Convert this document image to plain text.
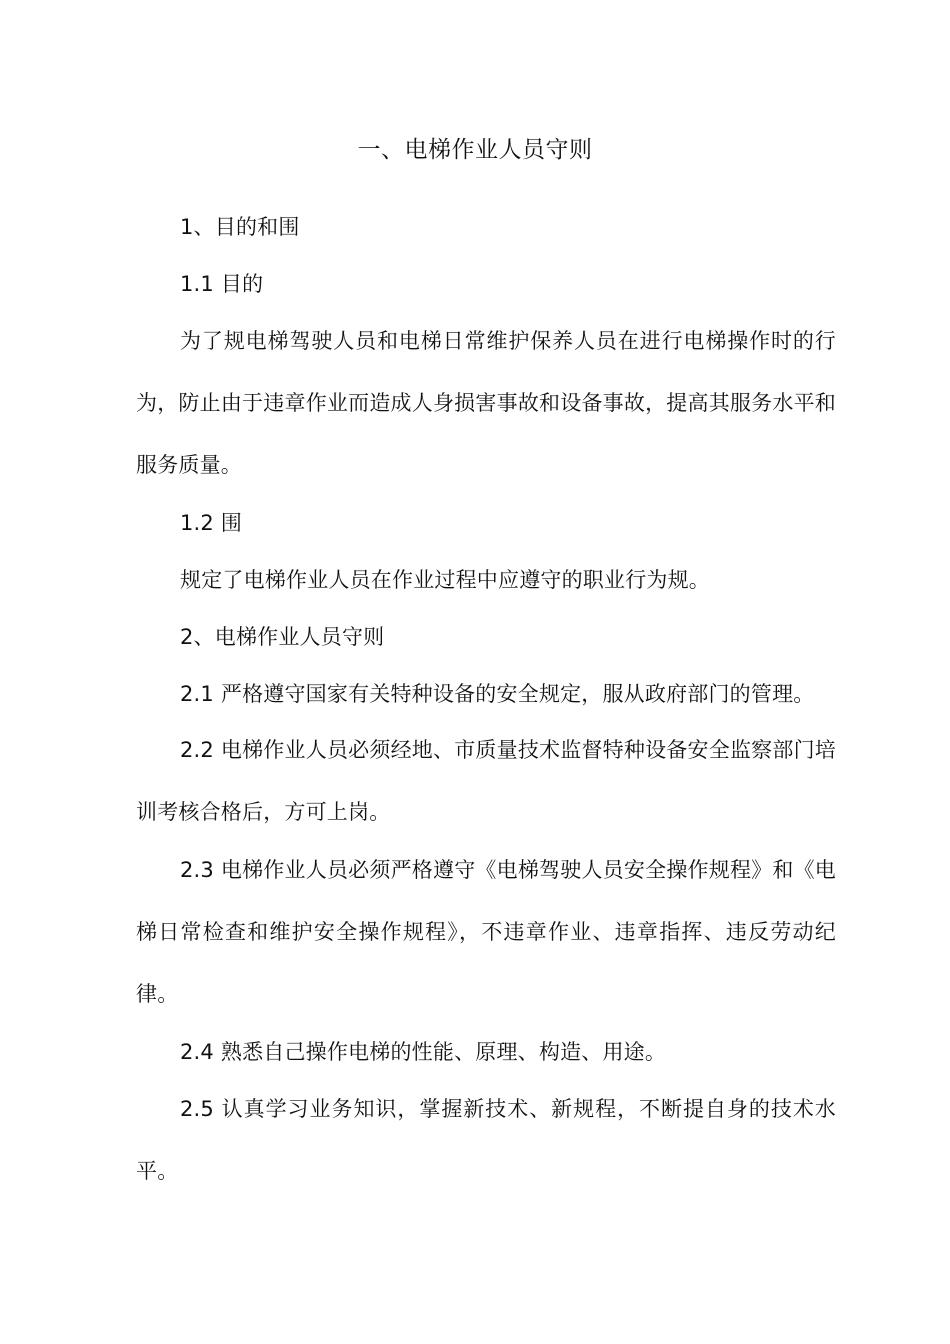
一、电梯作业人员守则

1、目的和围

1.1 目的

为了规电梯驾驶人员和电梯日常维护保养人员在进行电梯操作时的行为，防止由于违章作业而造成人身损害事故和设备事故，提高其服务水平和服务质量。

1.2 围

规定了电梯作业人员在作业过程中应遵守的职业行为规。

2、电梯作业人员守则

2.1 严格遵守国家有关特种设备的安全规定，服从政府部门的管理。

2.2 电梯作业人员必须经地、市质量技术监督特种设备安全监察部门培训考核合格后，方可上岗。

2.3 电梯作业人员必须严格遵守《电梯驾驶人员安全操作规程》和《电梯日常检查和维护安全操作规程》，不违章作业、违章指挥、违反劳动纪律。

2.4 熟悉自己操作电梯的性能、原理、构造、用途。

2.5 认真学习业务知识，掌握新技术、新规程，不断提自身的技术水平。
